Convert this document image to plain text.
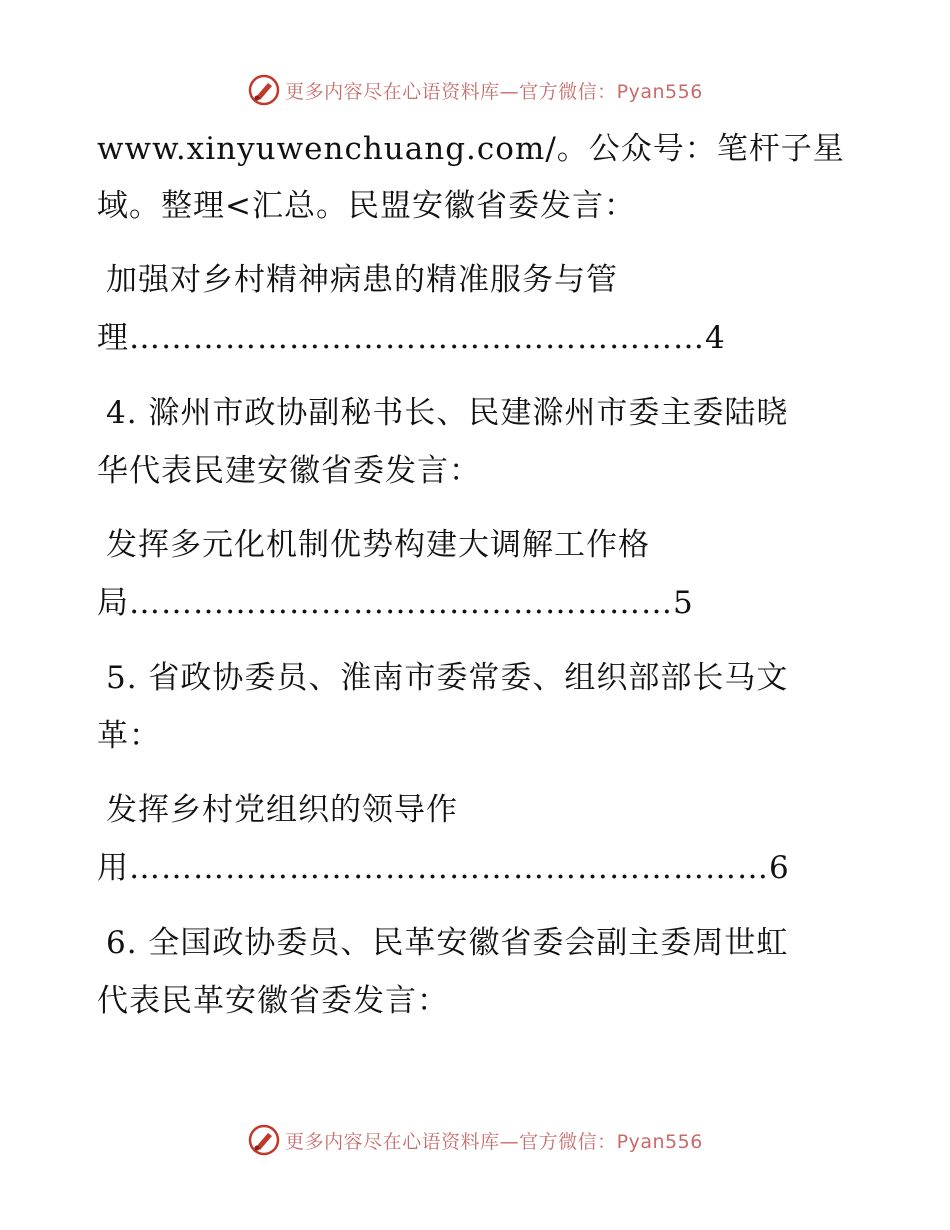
更多内容尽在心语资料库—官方微信：Pyan556
www.xinyuwenchuang.com/。公众号：笔杆子星
域。整理<汇总。民盟安徽省委发言：
加强对乡村精神病患的精准服务与管
理………………………………………………4
4. 滁州市政协副秘书长、民建滁州市委主委陆晓
华代表民建安徽省委发言：
发挥多元化机制优势构建大调解工作格
局……………………………………………5
5. 省政协委员、淮南市委常委、组织部部长马文
革：
发挥乡村党组织的领导作
用……………………………………………………6
6. 全国政协委员、民革安徽省委会副主委周世虹
代表民革安徽省委发言：
更多内容尽在心语资料库—官方微信：Pyan556
